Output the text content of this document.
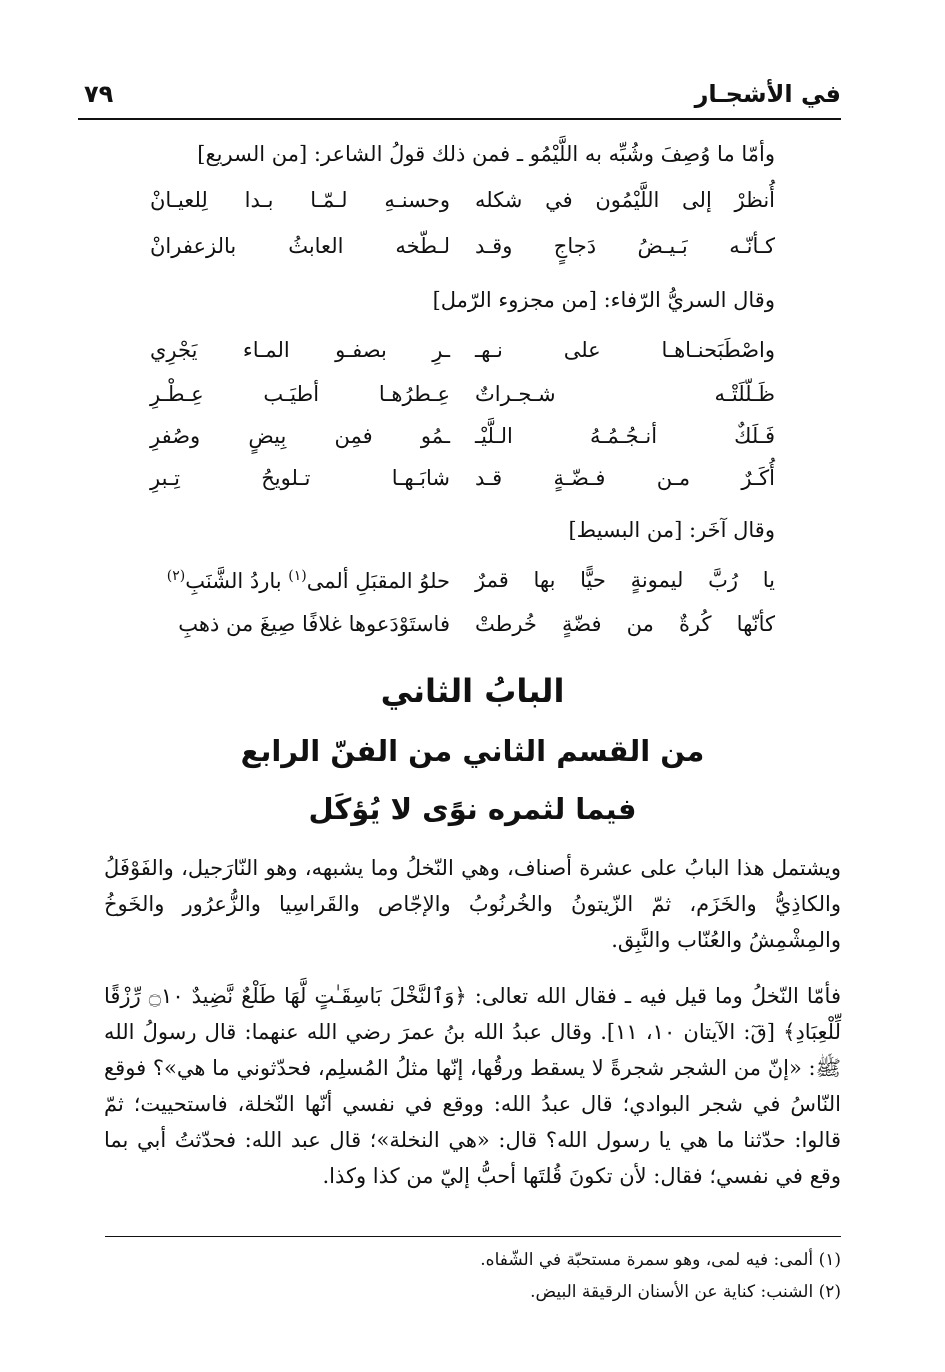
في الأشجـار
٧٩
وأمّا ما وُصِفَ وشُبِّه به اللَّيْمُو ـ فمن ذلك قولُ الشاعر: [من السريع]
أُنظرْ إلى اللَّيْمُون في شكله
وحسنـهِ لـمّـا بـدا لِلعيـانْ
كـأنّـه بَـيـضُ دَجاجٍ وقـد
لـطّخه العابثُ بالزعفرانْ
وقال السريُّ الرّفاء: [من مجزوء الرّمل]
واصْطَبَحنـاهـا على نـهـ
ـرِ بصفـو المـاء يَجْرِي
ظَـلّلَتْـه شـجـراتٌ
عِـطرُهـا أطيَـب عِـطْـرِ
فَـلَكٌ أنـجُـمُـهُ الـلَّيْـ
ـمُو فمِن بِيضٍ وصُفرِ
أُكَـرٌ مـن فـضّـةٍ قـد
شابَـهـا تـلويحُ تِـبرِ
وقال آخَر: [من البسيط]
يا رُبَّ ليمونةٍ حيًّا بها قمرٌ
حلوُ المقبَلِ ألمى$^{(١)}$ باردُ الشَّنَبِ$^{(٢)}$
كأنّها كُرةٌ من فضّةٍ خُرطتْ
فاستَوْدَعوها غلافًا صِيغَ من ذهبِ
البابُ الثاني
من القسم الثاني من الفنّ الرابع
فيما لثمره نوًى لا يُؤكَل

ويشتمل هذا البابُ على عشرة أصناف، وهي النّخلُ وما يشبهه، وهو النّارَجيل، والفَوْفَلُ والكاذِيُّ والخَزَم، ثمّ الزّيتونُ والخُرنُوبُ والإجّاص والقَراسِيا والزُّعرُور والخَوخُ والمِشْمِشُ والعُنّاب والنَّبِق.

فأمّا النّخلُ وما قيل فيه ـ فقال الله تعالى: ﴿وَٱلنَّخْلَ بَاسِقَـٰتٍ لَّهَا طَلْعٌ نَّضِيدٌ ۝١٠ رِّزْقًا لِّلْعِبَادِ﴾ [قٓ: الآيتان ١٠، ١١]. وقال عبدُ الله بنُ عمرَ رضي الله عنهما: قال رسولُ الله ﷺ: «إنّ من الشجر شجرةً لا يسقط ورقُها، إنّها مثلُ المُسلِم، فحدّثوني ما هي»؟ فوقع النّاسُ في شجر البوادي؛ قال عبدُ الله: ووقع في نفسي أنّها النّخلة، فاستحييت؛ ثمّ قالوا: حدّثنا ما هي يا رسول الله؟ قال: «هي النخلة»؛ قال عبد الله: فحدّثتُ أبي بما وقع في نفسي؛ فقال: لأن تكونَ قُلتَها أحبُّ إليّ من كذا وكذا.

(١) ألمى: فيه لمى، وهو سمرة مستحبّة في الشّفاه.
(٢) الشنب: كناية عن الأسنان الرقيقة البيض.
